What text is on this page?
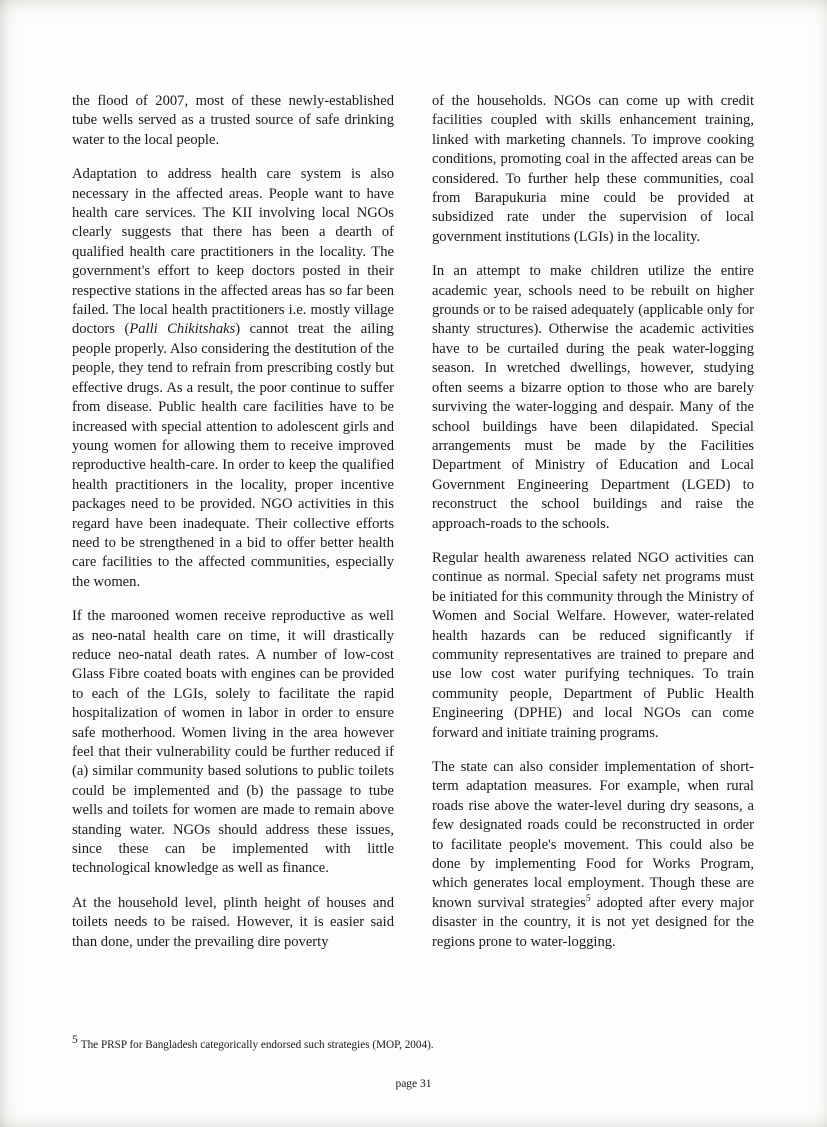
the flood of 2007, most of these newly-established tube wells served as a trusted source of safe drinking water to the local people.

Adaptation to address health care system is also necessary in the affected areas. People want to have health care services. The KII involving local NGOs clearly suggests that there has been a dearth of qualified health care practitioners in the locality. The government's effort to keep doctors posted in their respective stations in the affected areas has so far been failed. The local health practitioners i.e. mostly village doctors (Palli Chikitshaks) cannot treat the ailing people properly. Also considering the destitution of the people, they tend to refrain from prescribing costly but effective drugs. As a result, the poor continue to suffer from disease. Public health care facilities have to be increased with special attention to adolescent girls and young women for allowing them to receive improved reproductive health-care. In order to keep the qualified health practitioners in the locality, proper incentive packages need to be provided. NGO activities in this regard have been inadequate. Their collective efforts need to be strengthened in a bid to offer better health care facilities to the affected communities, especially the women.

If the marooned women receive reproductive as well as neo-natal health care on time, it will drastically reduce neo-natal death rates. A number of low-cost Glass Fibre coated boats with engines can be provided to each of the LGIs, solely to facilitate the rapid hospitalization of women in labor in order to ensure safe motherhood. Women living in the area however feel that their vulnerability could be further reduced if (a) similar community based solutions to public toilets could be implemented and (b) the passage to tube wells and toilets for women are made to remain above standing water. NGOs should address these issues, since these can be implemented with little technological knowledge as well as finance.

At the household level, plinth height of houses and toilets needs to be raised. However, it is easier said than done, under the prevailing dire poverty

of the households. NGOs can come up with credit facilities coupled with skills enhancement training, linked with marketing channels. To improve cooking conditions, promoting coal in the affected areas can be considered. To further help these communities, coal from Barapukuria mine could be provided at subsidized rate under the supervision of local government institutions (LGIs) in the locality.

In an attempt to make children utilize the entire academic year, schools need to be rebuilt on higher grounds or to be raised adequately (applicable only for shanty structures). Otherwise the academic activities have to be curtailed during the peak water-logging season. In wretched dwellings, however, studying often seems a bizarre option to those who are barely surviving the water-logging and despair. Many of the school buildings have been dilapidated. Special arrangements must be made by the Facilities Department of Ministry of Education and Local Government Engineering Department (LGED) to reconstruct the school buildings and raise the approach-roads to the schools.

Regular health awareness related NGO activities can continue as normal. Special safety net programs must be initiated for this community through the Ministry of Women and Social Welfare. However, water-related health hazards can be reduced significantly if community representatives are trained to prepare and use low cost water purifying techniques. To train community people, Department of Public Health Engineering (DPHE) and local NGOs can come forward and initiate training programs.

The state can also consider implementation of short-term adaptation measures. For example, when rural roads rise above the water-level during dry seasons, a few designated roads could be reconstructed in order to facilitate people's movement. This could also be done by implementing Food for Works Program, which generates local employment. Though these are known survival strategies$^5$ adopted after every major disaster in the country, it is not yet designed for the regions prone to water-logging.

5 The PRSP for Bangladesh categorically endorsed such strategies (MOP, 2004).

page 31
